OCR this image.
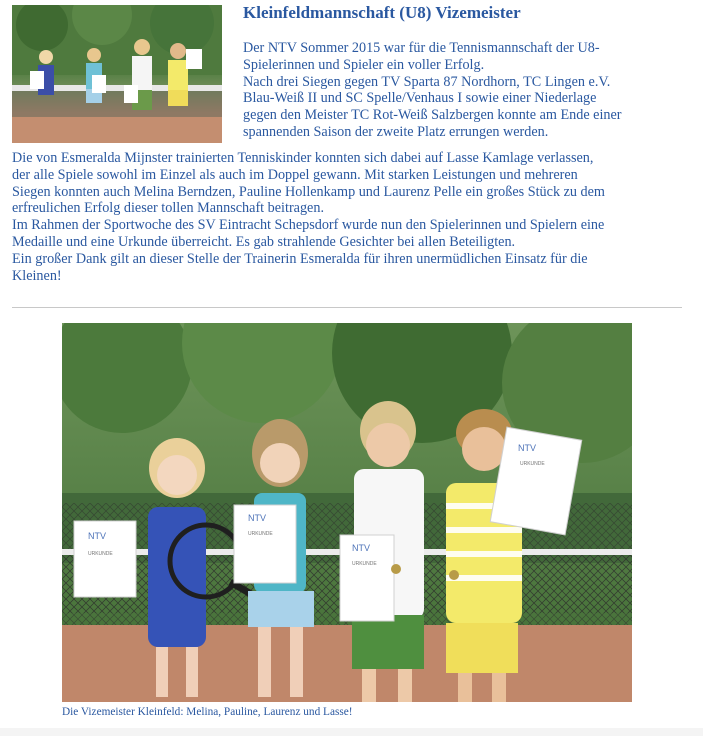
Kleinfeldmannschaft (U8) Vizemeister

Der NTV Sommer 2015 war für die Tennismannschaft der U8-

Spielerinnen und Spieler ein voller Erfolg.

Nach drei Siegen gegen TV Sparta 87 Nordhorn, TC Lingen e.V.

Blau-Weiß II und SC Spelle/Venhaus I sowie einer Niederlage

gegen den Meister TC Rot-Weiß Salzbergen konnte am Ende einer

spannenden Saison der zweite Platz errungen werden.

Die von Esmeralda Mijnster trainierten Tenniskinder konnten sich dabei auf Lasse Kamlage verlassen,

der alle Spiele sowohl im Einzel als auch im Doppel gewann. Mit starken Leistungen und mehreren

Siegen konnten auch Melina Berndzen, Pauline Hollenkamp und Laurenz Pelle ein großes Stück zu dem

erfreulichen Erfolg dieser tollen Mannschaft beitragen.

Im Rahmen der Sportwoche des SV Eintracht Schepsdorf wurde nun den Spielerinnen und Spielern eine

Medaille und eine Urkunde überreicht. Es gab strahlende Gesichter bei allen Beteiligten.

Ein großer Dank gilt an dieser Stelle der Trainerin Esmeralda für ihren unermüdlichen Einsatz für die

Kleinen!

NTV
URKUNDE
NTV
URKUNDE
NTV
URKUNDE
NTV
URKUNDE
Die Vizemeister Kleinfeld: Melina, Pauline, Laurenz und Lasse!
